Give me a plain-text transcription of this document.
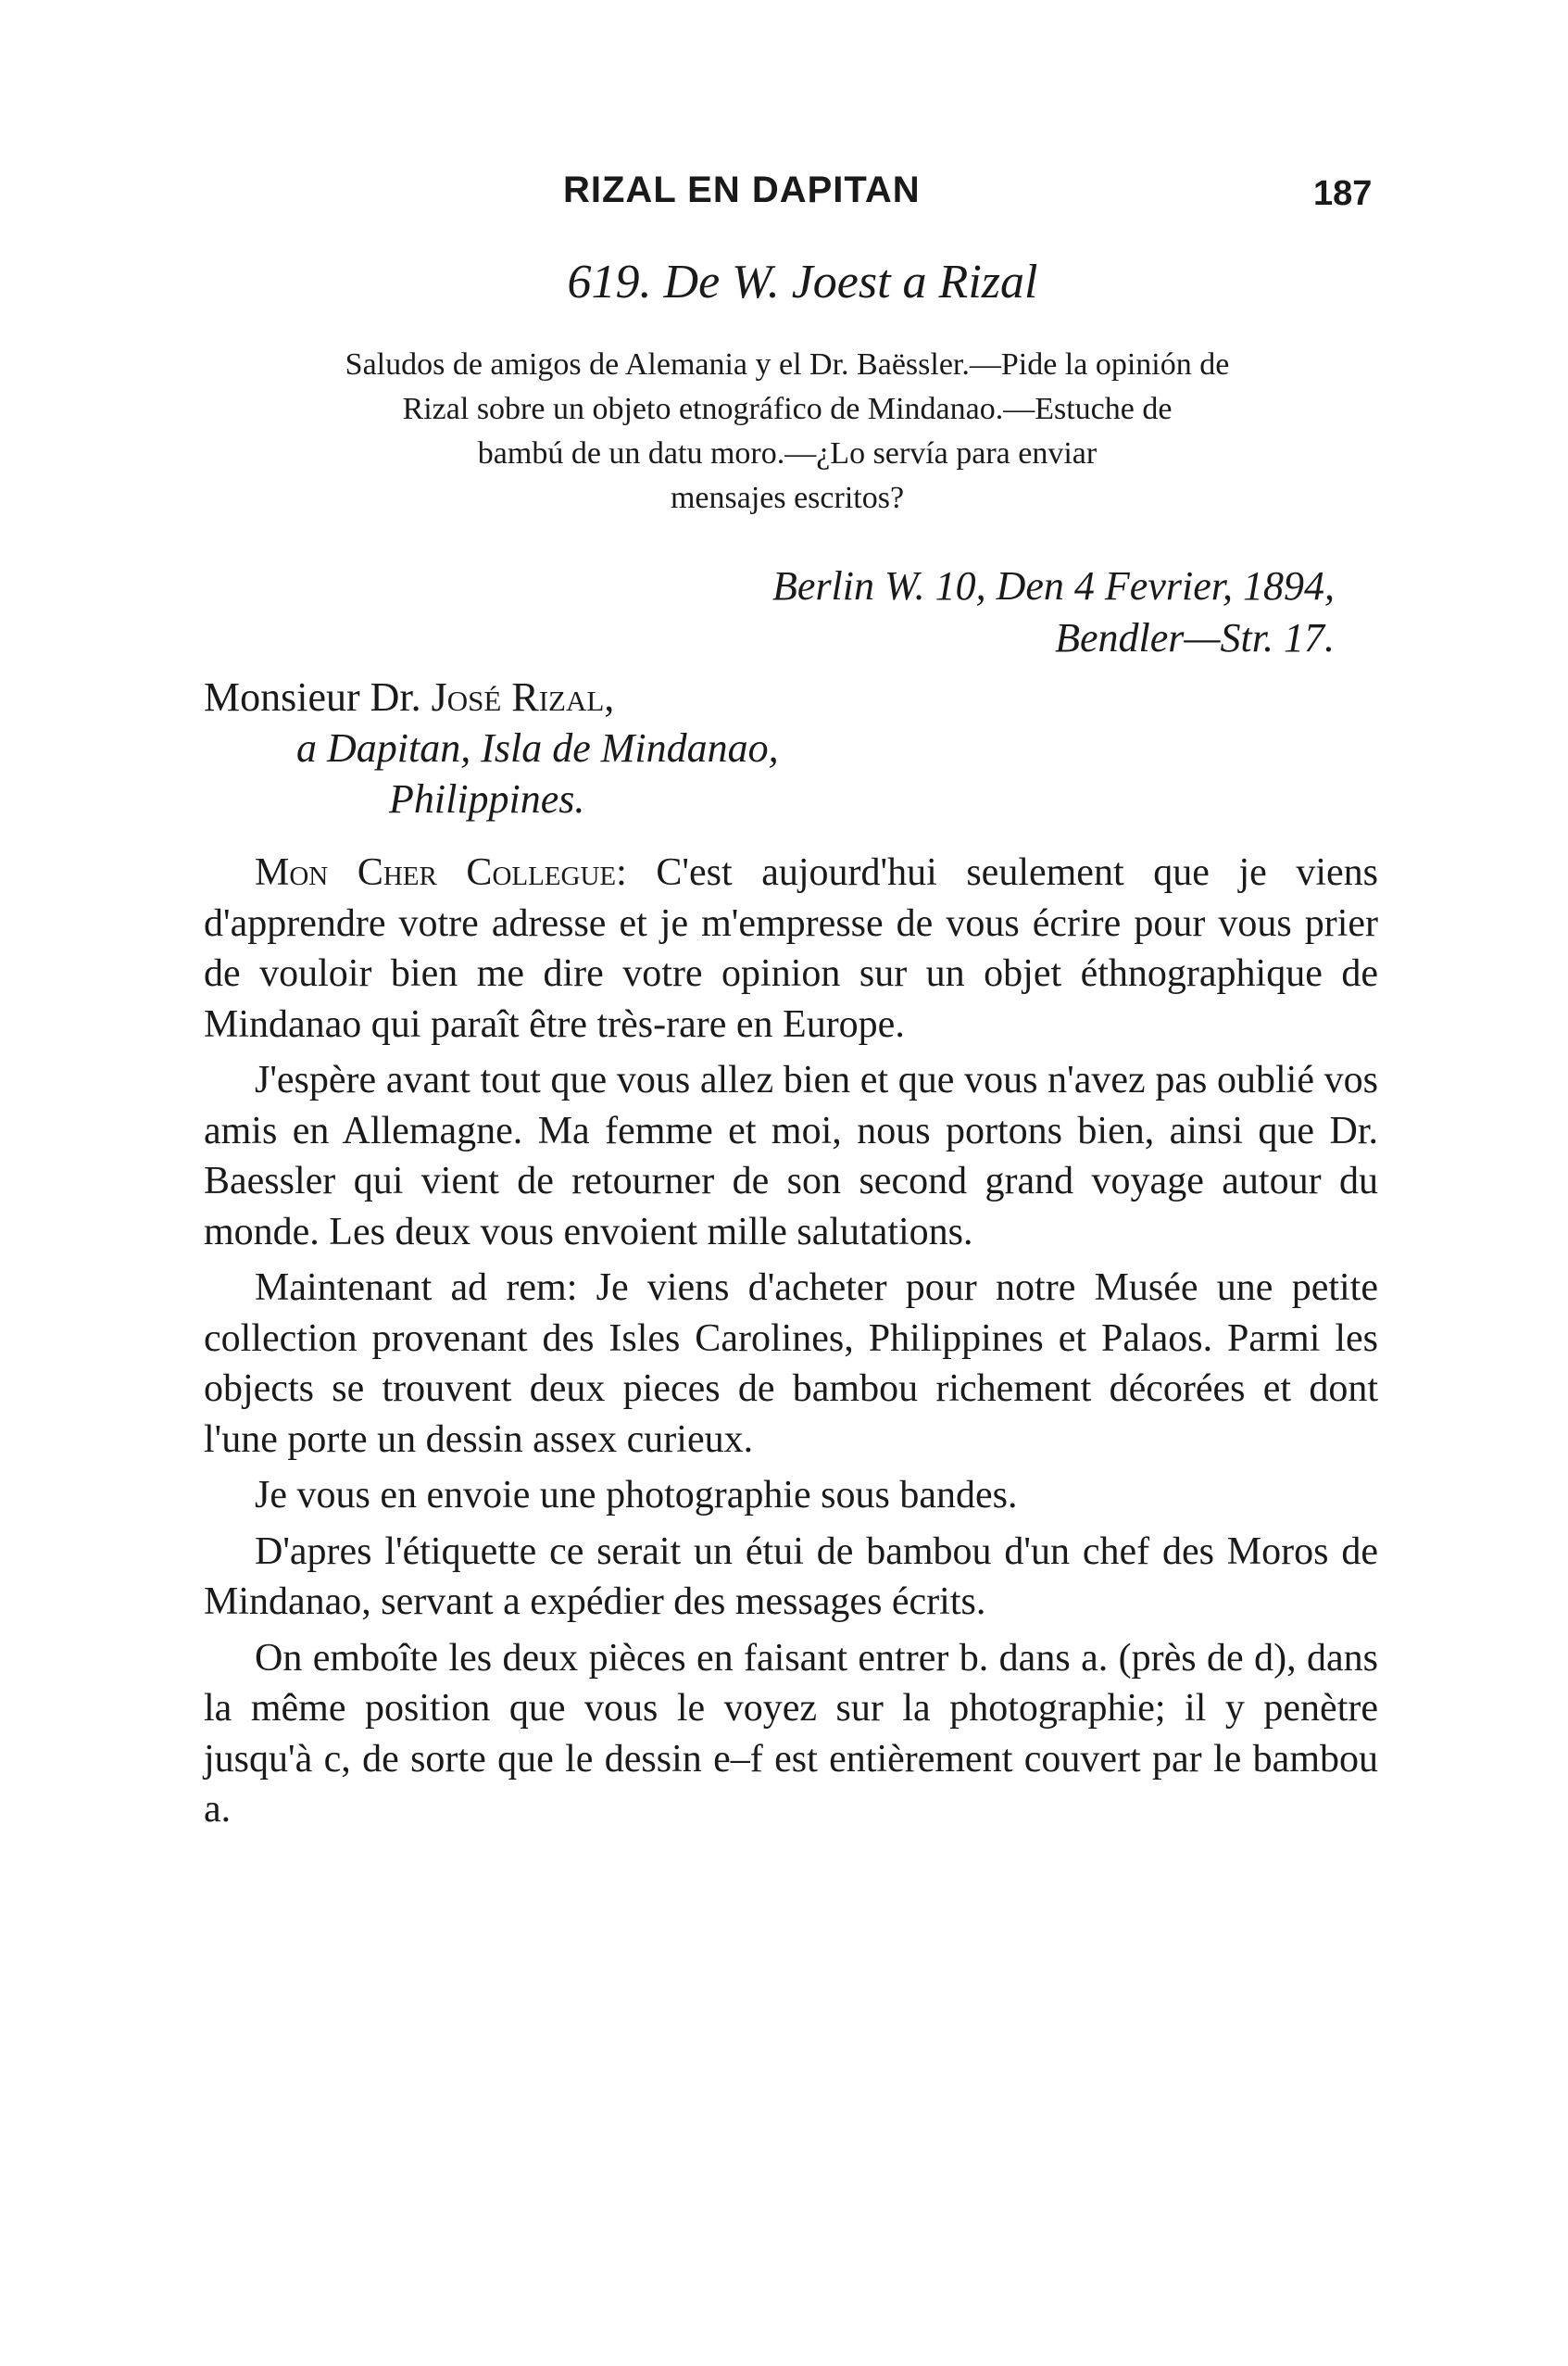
RIZAL EN DAPITAN	187
619. De W. Joest a Rizal
Saludos de amigos de Alemania y el Dr. Baëssler.—Pide la opinión de
Rizal sobre un objeto etnográfico de Mindanao.—Estuche de
bambú de un datu moro.—¿Lo servía para enviar
mensajes escritos?
Berlin W. 10, Den 4 Fevrier, 1894,
Bendler—Str. 17.
Monsieur Dr. José Rizal,
a Dapitan, Isla de Mindanao,
Philippines.

Mon Cher Collegue: C'est aujourd'hui seulement que je viens d'apprendre votre adresse et je m'empresse de vous écrire pour vous prier de vouloir bien me dire votre opinion sur un objet éthnographique de Mindanao qui paraît être très-rare en Europe.

J'espère avant tout que vous allez bien et que vous n'avez pas oublié vos amis en Allemagne. Ma femme et moi, nous portons bien, ainsi que Dr. Baessler qui vient de retourner de son second grand voyage autour du monde. Les deux vous envoient mille salutations.

Maintenant ad rem: Je viens d'acheter pour notre Musée une petite collection provenant des Isles Carolines, Philippines et Palaos. Parmi les objects se trouvent deux pieces de bambou richement décorées et dont l'une porte un dessin assex curieux.

Je vous en envoie une photographie sous bandes.

D'apres l'étiquette ce serait un étui de bambou d'un chef des Moros de Mindanao, servant a expédier des messages écrits.

On emboîte les deux pièces en faisant entrer b. dans a. (près de d), dans la même position que vous le voyez sur la photographie; il y penètre jusqu'à c, de sorte que le dessin e–f est entièrement couvert par le bambou a.
